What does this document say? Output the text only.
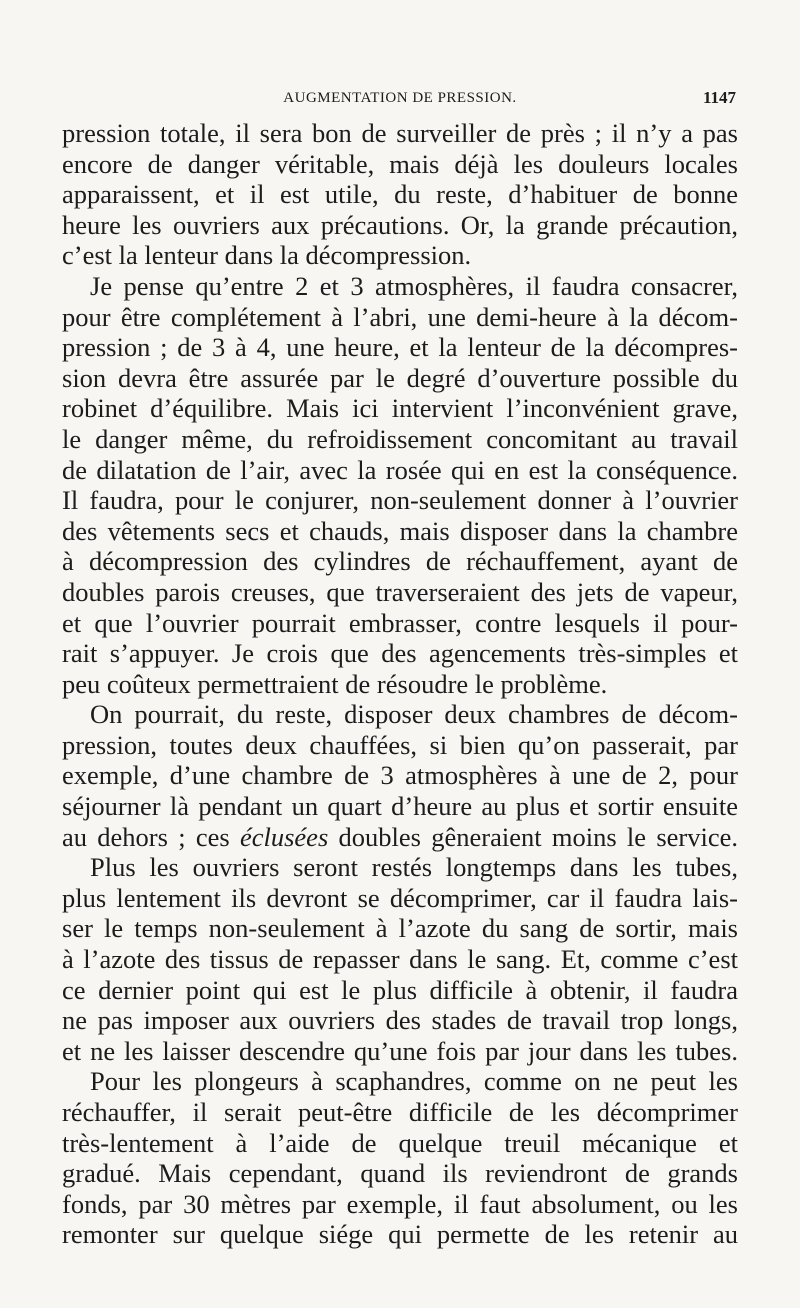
AUGMENTATION DE PRESSION.	1147

pression totale, il sera bon de surveiller de près ; il n’y a pas
encore de danger véritable, mais déjà les douleurs locales
apparaissent, et il est utile, du reste, d’habituer de bonne
heure les ouvriers aux précautions. Or, la grande précaution,
c’est la lenteur dans la décompression.

Je pense qu’entre 2 et 3 atmosphères, il faudra consacrer,
pour être complétement à l’abri, une demi-heure à la décom-
pression ; de 3 à 4, une heure, et la lenteur de la décompres-
sion devra être assurée par le degré d’ouverture possible du
robinet d’équilibre. Mais ici intervient l’inconvénient grave,
le danger même, du refroidissement concomitant au travail
de dilatation de l’air, avec la rosée qui en est la conséquence.
Il faudra, pour le conjurer, non-seulement donner à l’ouvrier
des vêtements secs et chauds, mais disposer dans la chambre
à décompression des cylindres de réchauffement, ayant de
doubles parois creuses, que traverseraient des jets de vapeur,
et que l’ouvrier pourrait embrasser, contre lesquels il pour-
rait s’appuyer. Je crois que des agencements très-simples et
peu coûteux permettraient de résoudre le problème.

On pourrait, du reste, disposer deux chambres de décom-
pression, toutes deux chauffées, si bien qu’on passerait, par
exemple, d’une chambre de 3 atmosphères à une de 2, pour
séjourner là pendant un quart d’heure au plus et sortir ensuite
au dehors ; ces éclusées doubles gêneraient moins le service.

Plus les ouvriers seront restés longtemps dans les tubes,
plus lentement ils devront se décomprimer, car il faudra lais-
ser le temps non-seulement à l’azote du sang de sortir, mais
à l’azote des tissus de repasser dans le sang. Et, comme c’est
ce dernier point qui est le plus difficile à obtenir, il faudra
ne pas imposer aux ouvriers des stades de travail trop longs,
et ne les laisser descendre qu’une fois par jour dans les tubes.

Pour les plongeurs à scaphandres, comme on ne peut les
réchauffer, il serait peut-être difficile de les décomprimer
très-lentement à l’aide de quelque treuil mécanique et
gradué. Mais cependant, quand ils reviendront de grands
fonds, par 30 mètres par exemple, il faut absolument, ou les
remonter sur quelque siége qui permette de les retenir au
